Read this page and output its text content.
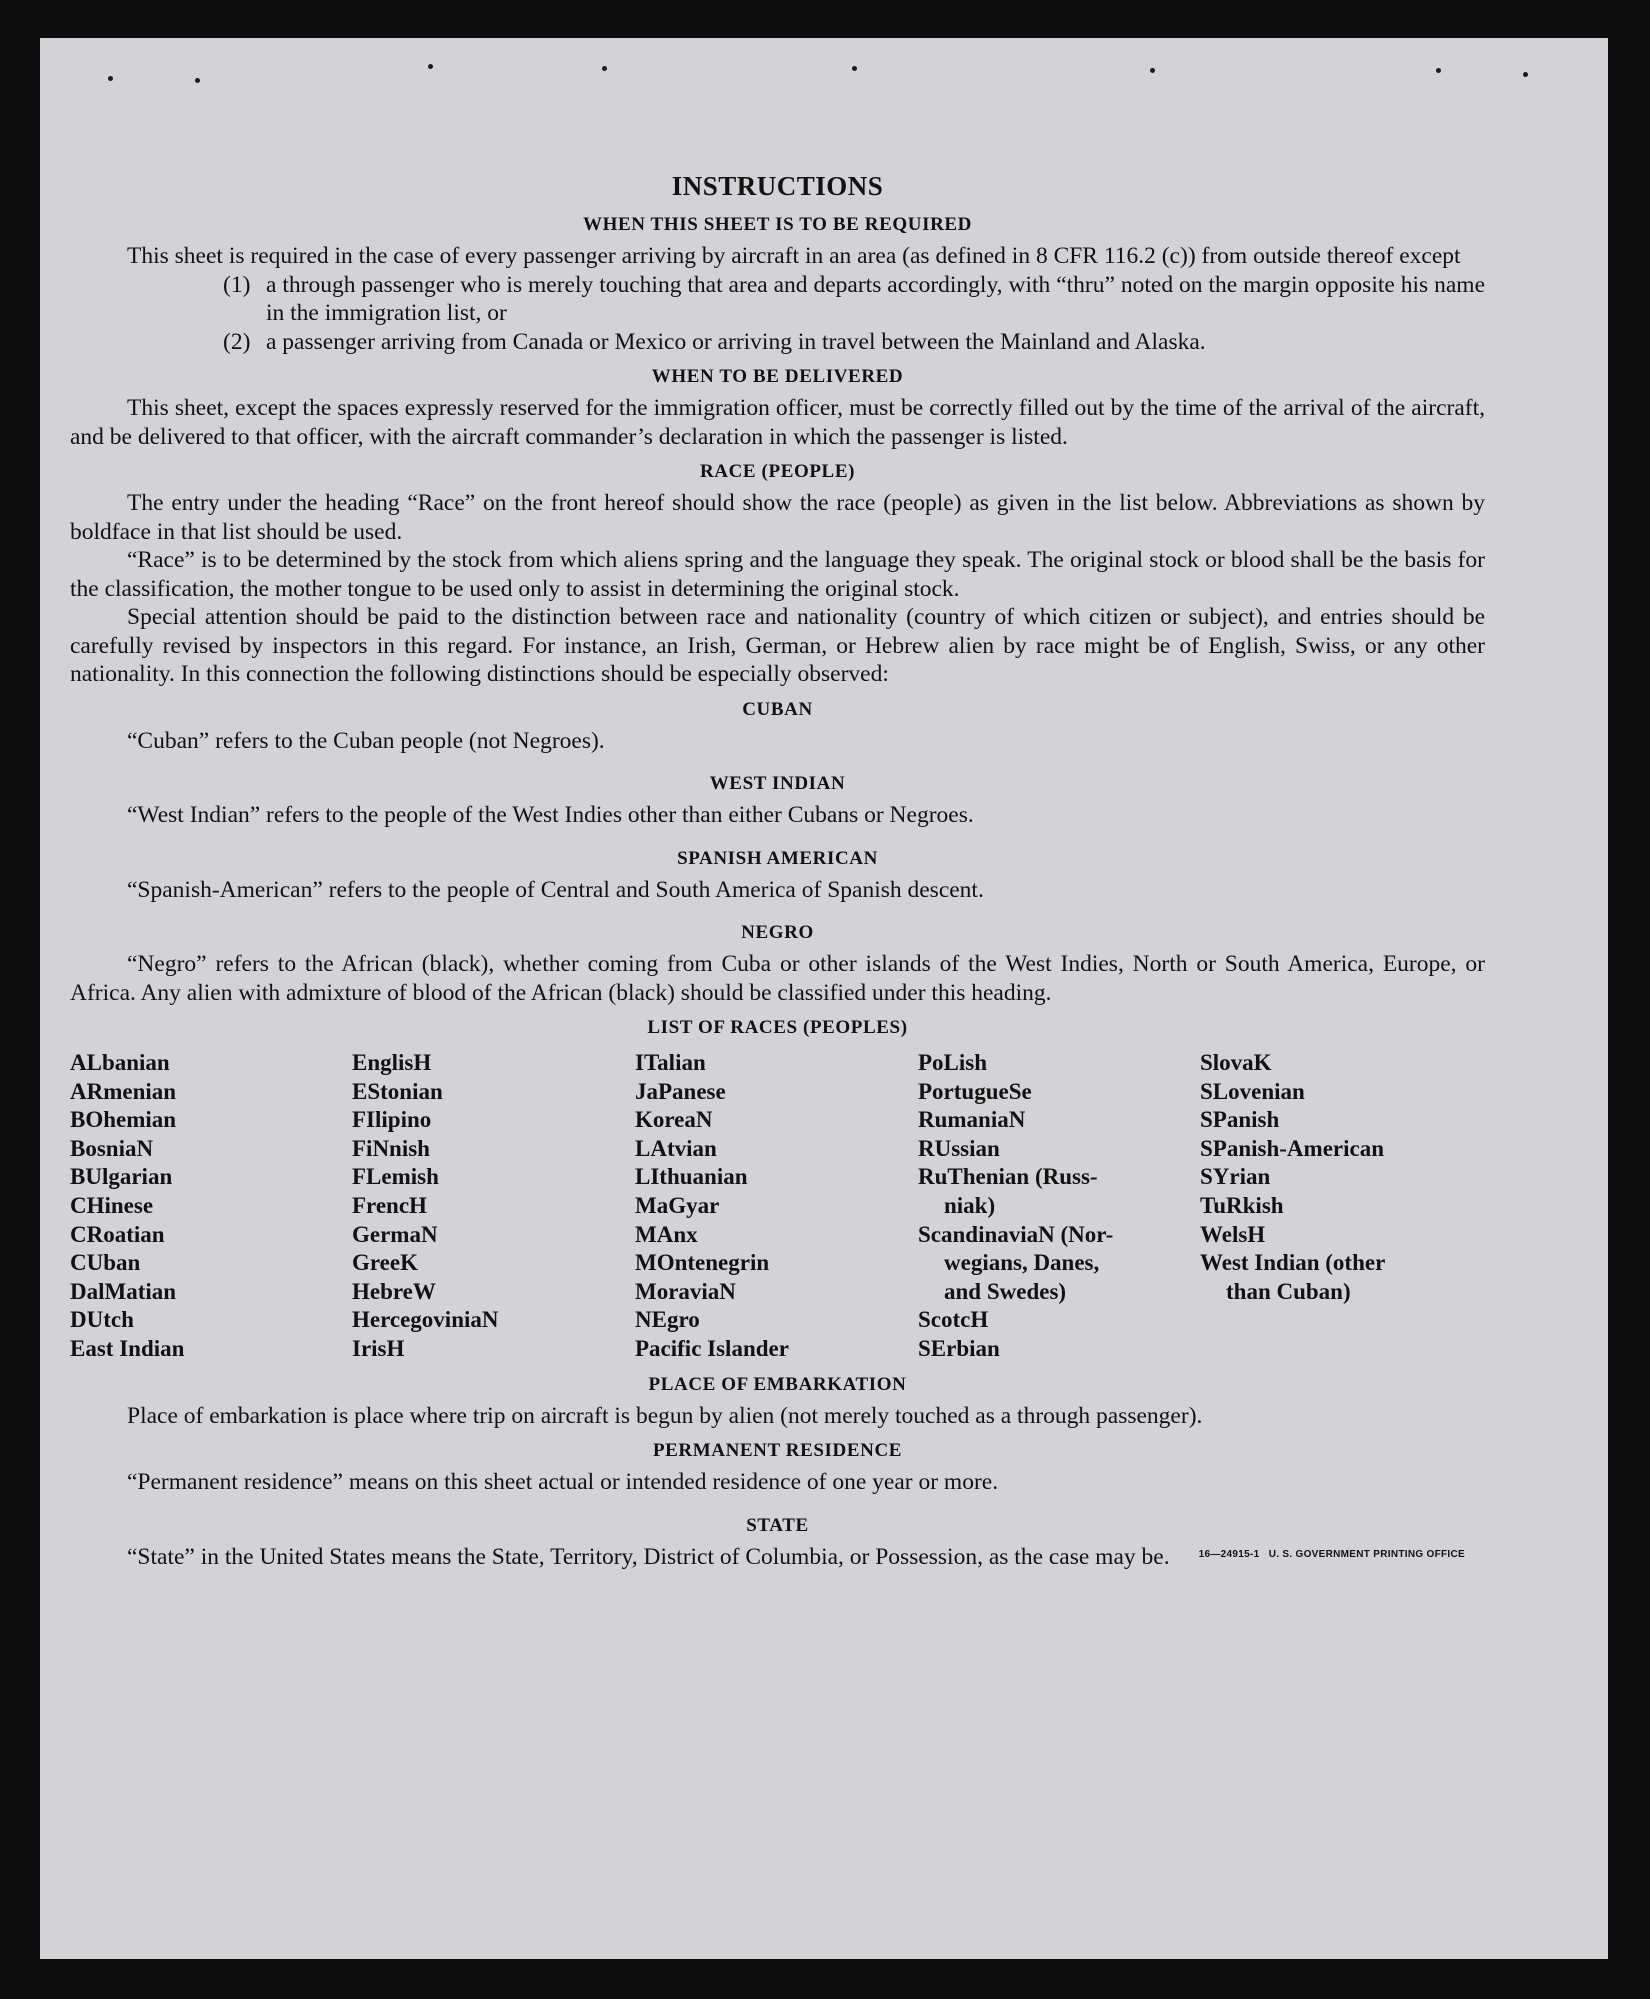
INSTRUCTIONS
WHEN THIS SHEET IS TO BE REQUIRED

This sheet is required in the case of every passenger arriving by aircraft in an area (as defined in 8 CFR 116.2 (c)) from outside thereof except

(1) a through passenger who is merely touching that area and departs accordingly, with “thru” noted on the margin opposite his name in the immigration list, or
(2) a passenger arriving from Canada or Mexico or arriving in travel between the Mainland and Alaska.
WHEN TO BE DELIVERED

This sheet, except the spaces expressly reserved for the immigration officer, must be correctly filled out by the time of the arrival of the aircraft, and be delivered to that officer, with the aircraft commander’s declaration in which the passenger is listed.

RACE (PEOPLE)

The entry under the heading “Race” on the front hereof should show the race (people) as given in the list below. Abbreviations as shown by boldface in that list should be used.

“Race” is to be determined by the stock from which aliens spring and the language they speak. The original stock or blood shall be the basis for the classification, the mother tongue to be used only to assist in determining the original stock.

Special attention should be paid to the distinction between race and nationality (country of which citizen or subject), and entries should be carefully revised by inspectors in this regard. For instance, an Irish, German, or Hebrew alien by race might be of English, Swiss, or any other nationality. In this connection the following distinctions should be especially observed:

CUBAN

“Cuban” refers to the Cuban people (not Negroes).

WEST INDIAN

“West Indian” refers to the people of the West Indies other than either Cubans or Negroes.

SPANISH AMERICAN

“Spanish-American” refers to the people of Central and South America of Spanish descent.

NEGRO

“Negro” refers to the African (black), whether coming from Cuba or other islands of the West Indies, North or South America, Europe, or Africa. Any alien with admixture of blood of the African (black) should be classified under this heading.

LIST OF RACES (PEOPLES)
ALbanian
ARmenian
BOhemian
BosniaN
BUlgarian
CHinese
CRoatian
CUban
DalMatian
DUtch
East Indian
EnglisH
EStonian
FIlipino
FiNnish
FLemish
FrencH
GermaN
GreeK
HebreW
HercegoviniaN
IrisH
ITalian
JaPanese
KoreaN
LAtvian
LIthuanian
MaGyar
MAnx
MOntenegrin
MoraviaN
NEgro
Pacific Islander
PoLish
PortugueSe
RumaniaN
RUssian
RuThenian (Russ-
niak)
ScandinaviaN (Nor-
wegians, Danes,
and Swedes)
ScotcH
SErbian
SlovaK
SLovenian
SPanish
SPanish-American
SYrian
TuRkish
WelsH
West Indian (other
than Cuban)
PLACE OF EMBARKATION

Place of embarkation is place where trip on aircraft is begun by alien (not merely touched as a through passenger).

PERMANENT RESIDENCE

“Permanent residence” means on this sheet actual or intended residence of one year or more.

STATE

“State” in the United States means the State, Territory, District of Columbia, or Possession, as the case may be.	16—24915-1 U. S. GOVERNMENT PRINTING OFFICE
